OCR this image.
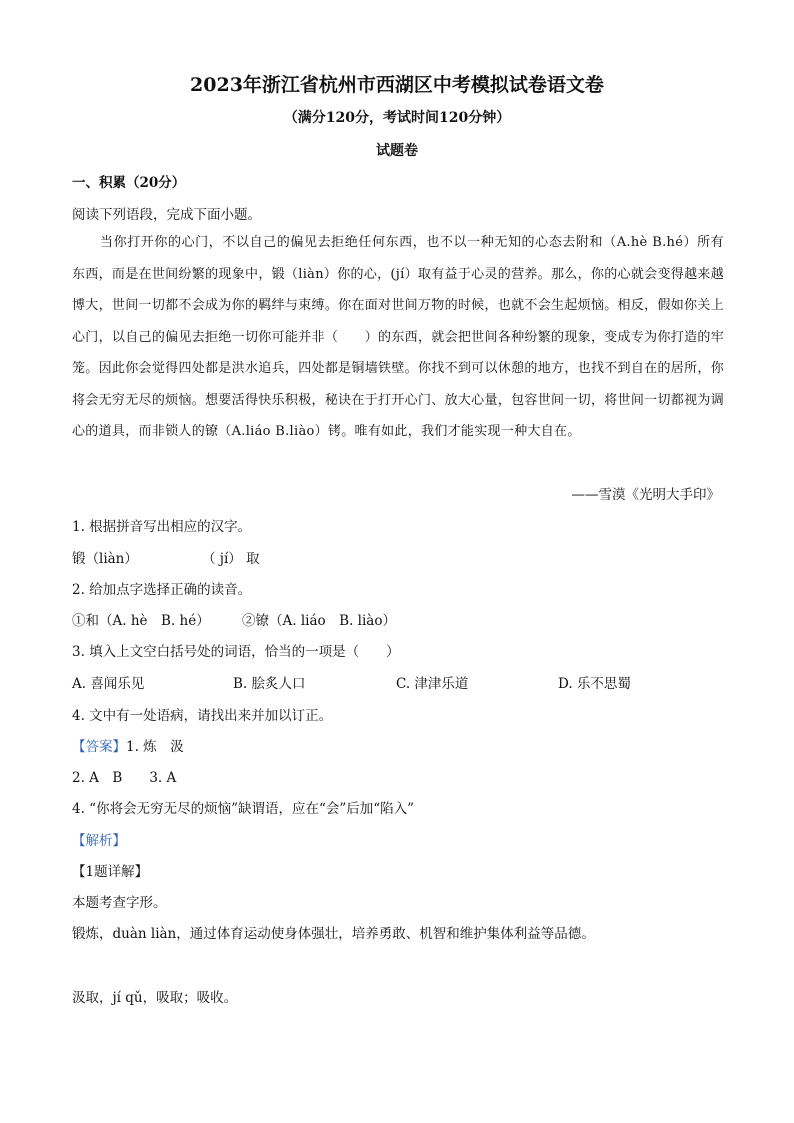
2023年浙江省杭州市西湖区中考模拟试卷语文卷
（满分120分，考试时间120分钟）
试题卷
一、积累（20分）
阅读下列语段，完成下面小题。
当你打开你的心门，不以自己的偏见去拒绝任何东西，也不以一种无知的心态去附和（A.hè B.hé）所有东西，而是在世间纷繁的现象中，锻（liàn）你的心，(jí）取有益于心灵的营养。那么，你的心就会变得越来越博大，世间一切都不会成为你的羁绊与束缚。你在面对世间万物的时候，也就不会生起烦恼。相反，假如你关上心门，以自己的偏见去拒绝一切你可能并非（　　）的东西，就会把世间各种纷繁的现象，变成专为你打造的牢笼。因此你会觉得四处都是洪水追兵，四处都是铜墙铁壁。你找不到可以休憩的地方，也找不到自在的居所，你将会无穷无尽的烦恼。想要活得快乐积极，秘诀在于打开心门、放大心量，包容世间一切，将世间一切都视为调心的道具，而非锁人的镣（A.liáo B.liào）铐。唯有如此，我们才能实现一种大自在。
——雪漠《光明大手印》
1. 根据拼音写出相应的汉字。
锻（liàn）	（ jí） 取
2. 给加点字选择正确的读音。
①和（A. hè　B. hé） ②镣（A. liáo　B. liào）
3. 填入上文空白括号处的词语，恰当的一项是（　　）
A. 喜闻乐见	B. 脍炙人口	C. 津津乐道	D. 乐不思蜀
4. 文中有一处语病，请找出来并加以订正。
【答案】1. 炼　汲
2. A　B　　3. A
4. “你将会无穷无尽的烦恼”缺谓语，应在“会”后加“陷入”
【解析】
【1题详解】
本题考查字形。
锻炼，duàn liàn，通过体育运动使身体强壮，培养勇敢、机智和维护集体利益等品德。
汲取，jí qǔ，吸取；吸收。
